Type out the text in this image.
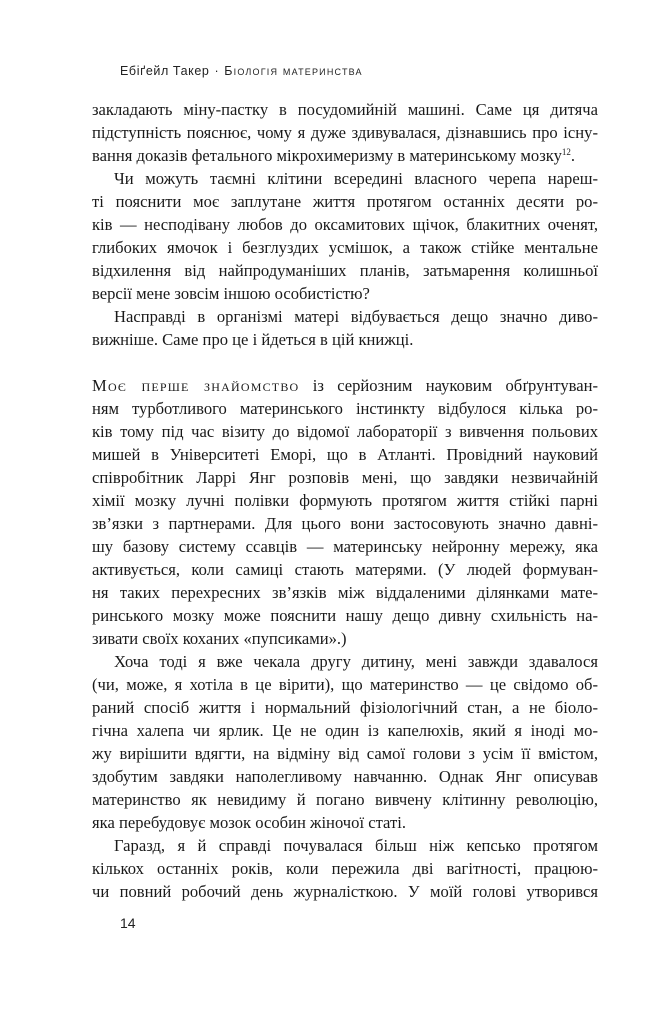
Ебіґейл Такер · Біологія материнства
закладають міну-пастку в посудомийній машині. Саме ця дитяча
підступність пояснює, чому я дуже здивувалася, дізнавшись про існу-
вання доказів фетального мікрохимеризму в материнському мозку$^{12}$.
Чи можуть таємні клітини всередині власного черепа нареш-
ті пояснити моє заплутане життя протягом останніх десяти ро-
ків — несподівану любов до оксамитових щічок, блакитних оченят,
глибоких ямочок і безглуздих усмішок, а також стійке ментальне
відхилення від найпродуманіших планів, затьмарення колишньої
версії мене зовсім іншою особистістю?
Насправді в організмі матері відбувається дещо значно диво-
вижніше. Саме про це і йдеться в цій книжці.
Моє перше знайомство із серйозним науковим обґрунтуван-
ням турботливого материнського інстинкту відбулося кілька ро-
ків тому під час візиту до відомої лабораторії з вивчення польових
мишей в Університеті Еморі, що в Атланті. Провідний науковий
співробітник Ларрі Янг розповів мені, що завдяки незвичайній
хімії мозку лучні полівки формують протягом життя стійкі парні
зв’язки з партнерами. Для цього вони застосовують значно давні-
шу базову систему ссавців — материнську нейронну мережу, яка
активується, коли самиці стають матерями. (У людей формуван-
ня таких перехресних зв’язків між віддаленими ділянками мате-
ринського мозку може пояснити нашу дещо дивну схильність на-
зивати своїх коханих «пупсиками».)
Хоча тоді я вже чекала другу дитину, мені завжди здавалося
(чи, може, я хотіла в це вірити), що материнство — це свідомо об-
раний спосіб життя і нормальний фізіологічний стан, а не біоло-
гічна халепа чи ярлик. Це не один із капелюхів, який я іноді мо-
жу вирішити вдягти, на відміну від самої голови з усім її вмістом,
здобутим завдяки наполегливому навчанню. Однак Янг описував
материнство як невидиму й погано вивчену клітинну революцію,
яка перебудовує мозок особин жіночої статі.
Гаразд, я й справді почувалася більш ніж кепсько протягом
кількох останніх років, коли пережила дві вагітності, працюю-
чи повний робочий день журналісткою. У моїй голові утворився
14
